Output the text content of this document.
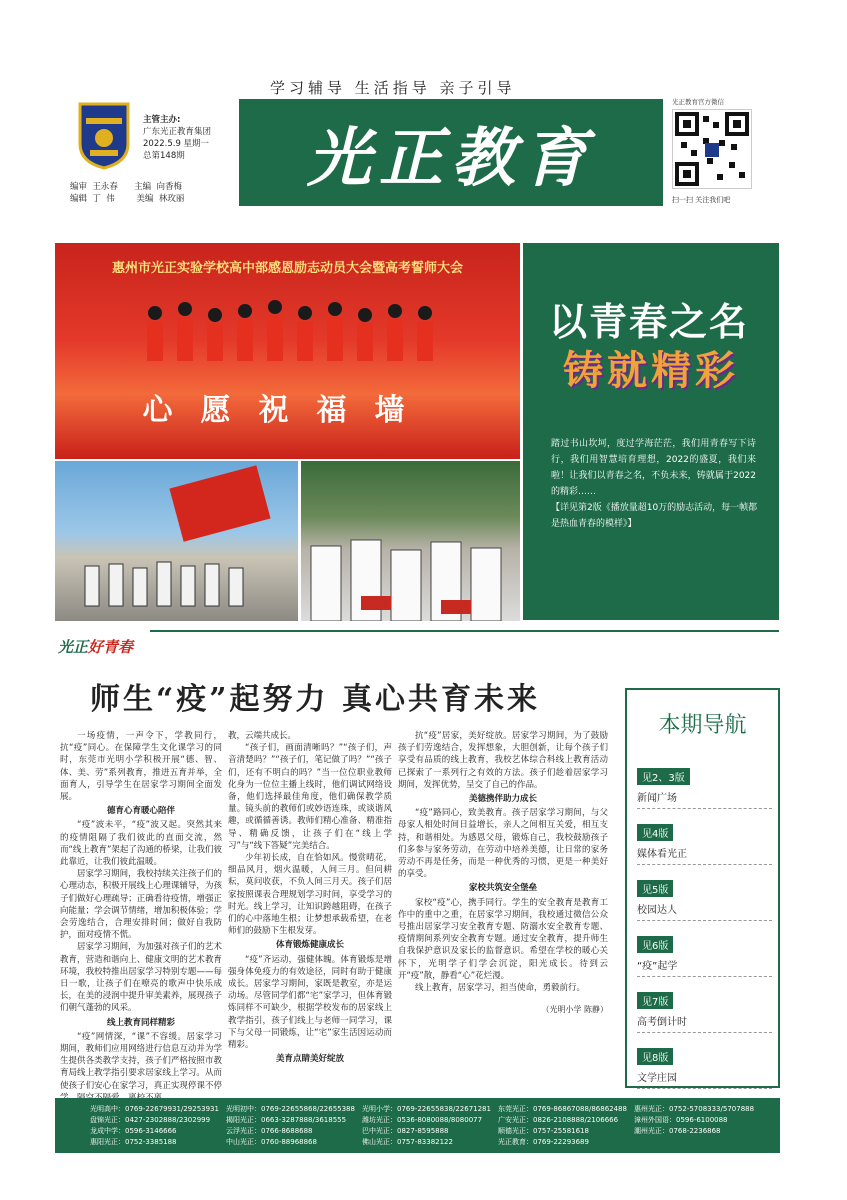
学习辅导 生活指导 亲子引导
主管主办:
广东光正教育集团
2022.5.9 星期一
总第148期
编审  王永春      主编  向香梅
编辑  丁  伟        美编  林玫丽
光正教育
光正教育官方微信
扫一扫 关注我们吧
惠州市光正实验学校高中部感恩励志动员大会暨高考誓师大会
心愿祝福墙
以青春之名
铸就精彩
踏过书山坎坷，度过学海茫茫，我们用青春写下诗行，我们用智慧培育理想，2022的盛夏，我们来啦！让我们以青春之名，不负未来，铸就属于2022的精彩……
【详见第2版《播放量超10万的励志活动，每一帧都是热血青春的模样》】
光正好青春
师生“疫”起努力 真心共育未来

一场疫情，一声令下，学教同行，抗“疫”同心。在保障学生文化课学习的同时，东莞市光明小学积极开展“德、智、体、美、劳”系列教育，推进五育并举，全面育人，引导学生在居家学习期间全面发展。

德育心育暖心陪伴

“疫”波未平，“疫”波又起。突然其来的疫情阻隔了我们彼此的直面交流，然而“线上教育”架起了沟通的桥梁，让我们彼此靠近，让我们彼此温暖。

居家学习期间，我校持续关注孩子们的心理动态，积极开展线上心理课辅导，为孩子们做好心理疏导；正确看待疫情，增强正向能量；学会调节情绪，增加积极体验；学会劳逸结合，合理安排时间；做好自我防护，面对疫情不慌。

居家学习期间，为加强对孩子们的艺术教育，营造和谐向上、健康文明的艺术教育环境，我校特推出居家学习特别专题——每日一歌，让孩子们在嘹亮的歌声中快乐成长，在美的浸润中提升审美素养，展现孩子们朝气蓬勃的风采。

线上教育同样精彩

“疫”网情深，“课”不容缓。居家学习期间，教师们应用网络进行信息互动并为学生提供各类教学支持，孩子们严格按照市教育局线上教学指引要求居家线上学习。从而使孩子们安心在家学习，真正实现停课不停

教，云端共成长。

“孩子们，画面清晰吗？”“孩子们，声音清楚吗？”“孩子们，笔记做了吗？”“孩子们，还有不明白的吗？”当一位位职业教师化身为一位位主播上线时，他们调试网络设备，他们选择最佳角度，他们确保教学质量。镜头前的教师们或妙语连珠，或谈谐风趣，或循循善诱。教师们精心准备、精准指导、精确反馈，让孩子们在“线上学习”与“线下答疑”完美结合。

少年初长成，自在恰如风。慢赏晴花，细品风月，烟火温暖，人间三月。但问耕耘，莫问收获，不负人间三月天。孩子们居家按照课表合理规划学习时间，享受学习的时光。线上学习，让知识跨越阻碍，在孩子们的心中落地生根；让梦想承载希望，在老师们的鼓励下生根发芽。

体育锻炼健康成长

“疫”齐运动，强健体魄。体育锻炼是增强身体免疫力的有效途径，同时有助于健康成长。居家学习期间，家既是教室，亦是运动场。尽管同学们都“宅”家学习，但体育锻炼同样不可缺少，根据学校发布的居家线上教学指引，孩子们线上与老师一同学习，课下与父母一同锻炼，让“宅”家生活因运动而精彩。

美育点睛美好绽放

抗“疫”居家，美好绽放。居家学习期间，为了鼓励孩子们劳逸结合，发挥想象，大胆创新，让每个孩子们享受有品质的线上教育，我校艺体综合科线上教育活动已探索了一系列行之有效的方法。孩子们趁着居家学习期间，发挥优势，呈交了自己的作品。

美德携伴助力成长

“疫”路同心，致美教育。孩子居家学习期间，与父母家人相处时间日益增长，亲人之间相互关爱，相互支持，和谐相处。为感恩父母，锻炼自己，我校鼓励孩子们多参与家务劳动，在劳动中培养美德，让日常的家务劳动不再是任务，而是一种优秀的习惯，更是一种美好的享受。

家校共筑安全堡垒

家校“疫”心，携手同行。学生的安全教育是教育工作中的重中之重，在居家学习期间，我校通过微信公众号推出居家学习安全教育专题、防溺水安全教育专题、疫情期间系列安全教育专题。通过安全教育，提升师生自我保护意识及家长的监督意识。希望在学校的暖心关怀下，光明学子们学会沉淀，阳光成长。待到云开“疫”散，静看“心”花烂漫。

线上教育，居家学习，担当使命，勇毅前行。

（光明小学 陈静）
本期导航
见2、3版
新闻广场
见4版
媒体看光正
见5版
校园达人
见6版
“疫”起学
见7版
高考倒计时
见8版
文学庄园
光明高中：0769-22679931/29253931
盘锦光正：0427-2302888/2302999
龙成中学：0596-3146666
惠阳光正：0752-3385188
光明初中：0769-22655868/22655388
揭阳光正：0663-3287888/3618555
云浮光正：0766-8688688
中山光正：0760-88968868
光明小学：0769-22655838/22671281
潍坊光正：0536-8080088/8080077
巴中光正：0827-8595888
佛山光正：0757-83382122
东莞光正：0769-86867088/86862488
广安光正：0826-2108888/2106666
顺德光正：0757-25581618
光正教育：0769-22293689
惠州光正：0752-5708333/5707888
漳州外国语：0596-6100088
潮州光正：0768-2236868
